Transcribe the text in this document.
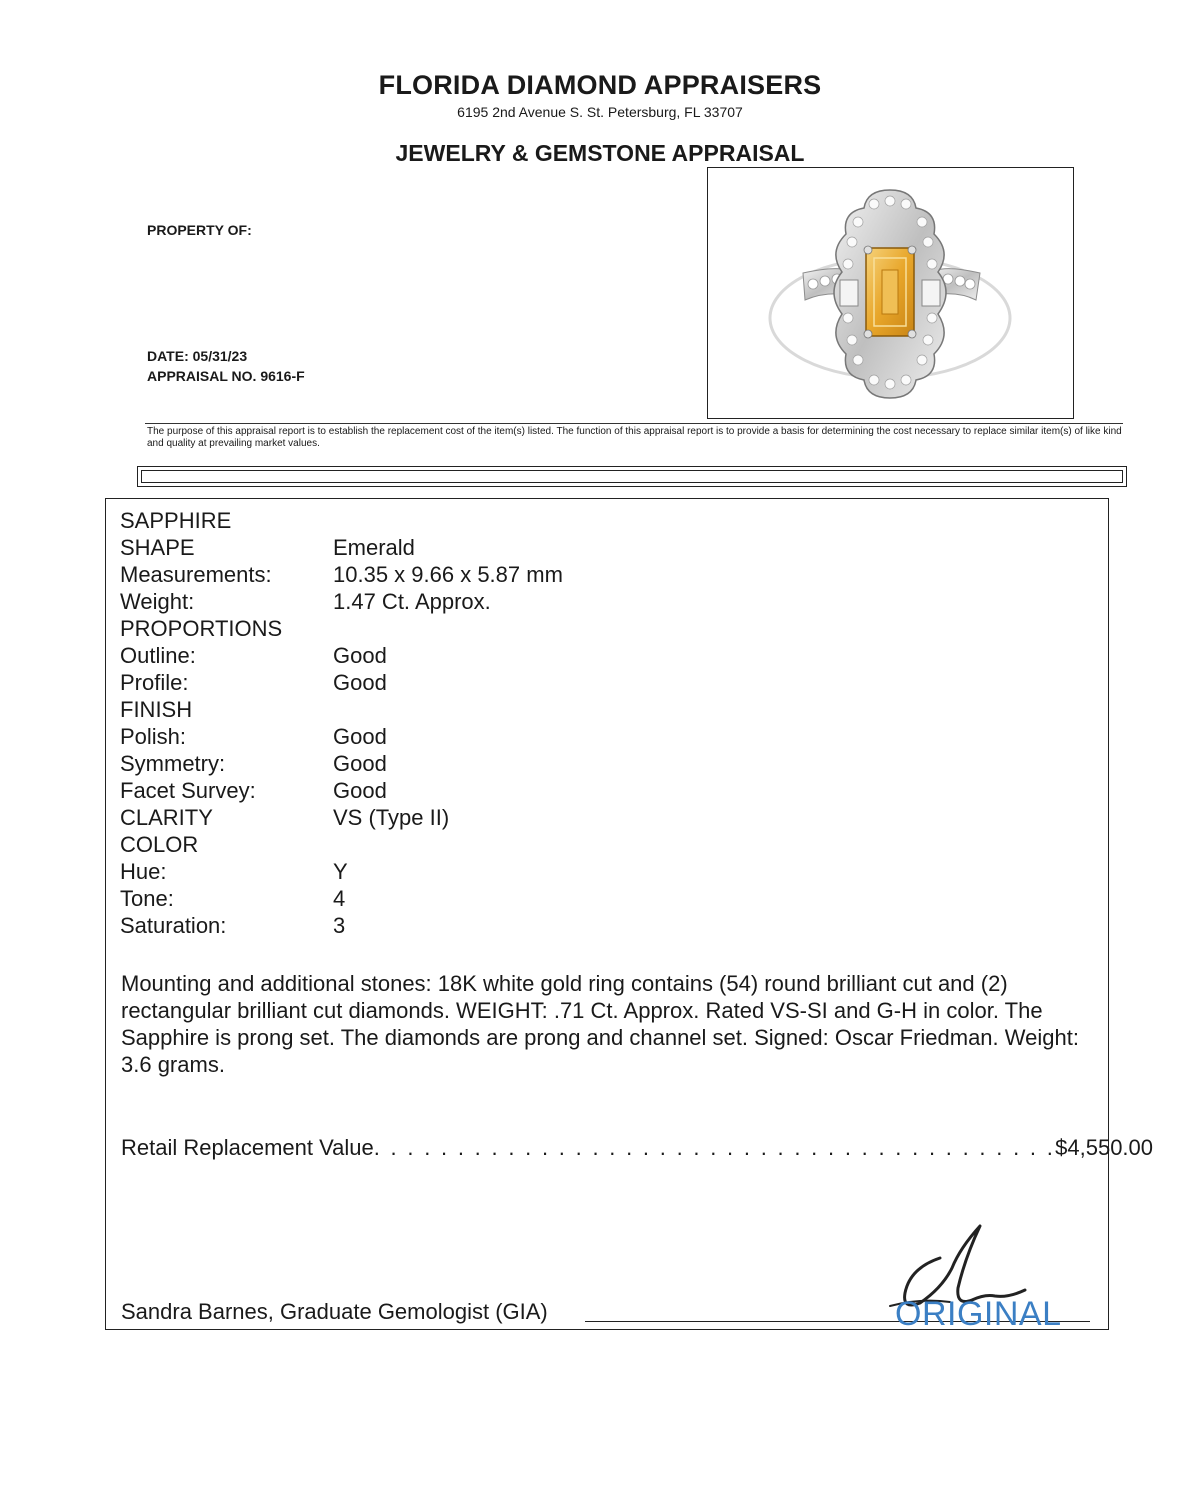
FLORIDA DIAMOND APPRAISERS
6195 2nd Avenue S. St. Petersburg, FL 33707
JEWELRY & GEMSTONE APPRAISAL
PROPERTY OF:
DATE: 05/31/23
APPRAISAL NO. 9616-F
The purpose of this appraisal report is to establish the replacement cost of the item(s) listed. The function of this appraisal report is to provide a basis for determining the cost necessary to replace similar item(s) of like kind and quality at prevailing market values.
SAPPHIRE
SHAPE	Emerald
Measurements:	10.35 x 9.66 x 5.87 mm
Weight:	1.47 Ct. Approx.
PROPORTIONS
Outline:	Good
Profile:	Good
FINISH
Polish:	Good
Symmetry:	Good
Facet Survey:	Good
CLARITY	VS (Type II)
COLOR
Hue:	Y
Tone:	4
Saturation:	3
Mounting and additional stones: 18K white gold ring contains (54) round brilliant cut and (2) rectangular brilliant cut diamonds. WEIGHT: .71 Ct. Approx. Rated VS-SI and G-H in color. The Sapphire is prong set. The diamonds are prong and channel set. Signed: Oscar Friedman. Weight: 3.6 grams.
Retail Replacement Value. . . . . . . . . . . . . . . . . . . . . . . . . . . . . . . . . . . . . . . . .$4,550.00
Sandra Barnes, Graduate Gemologist (GIA)	ORIGINAL
